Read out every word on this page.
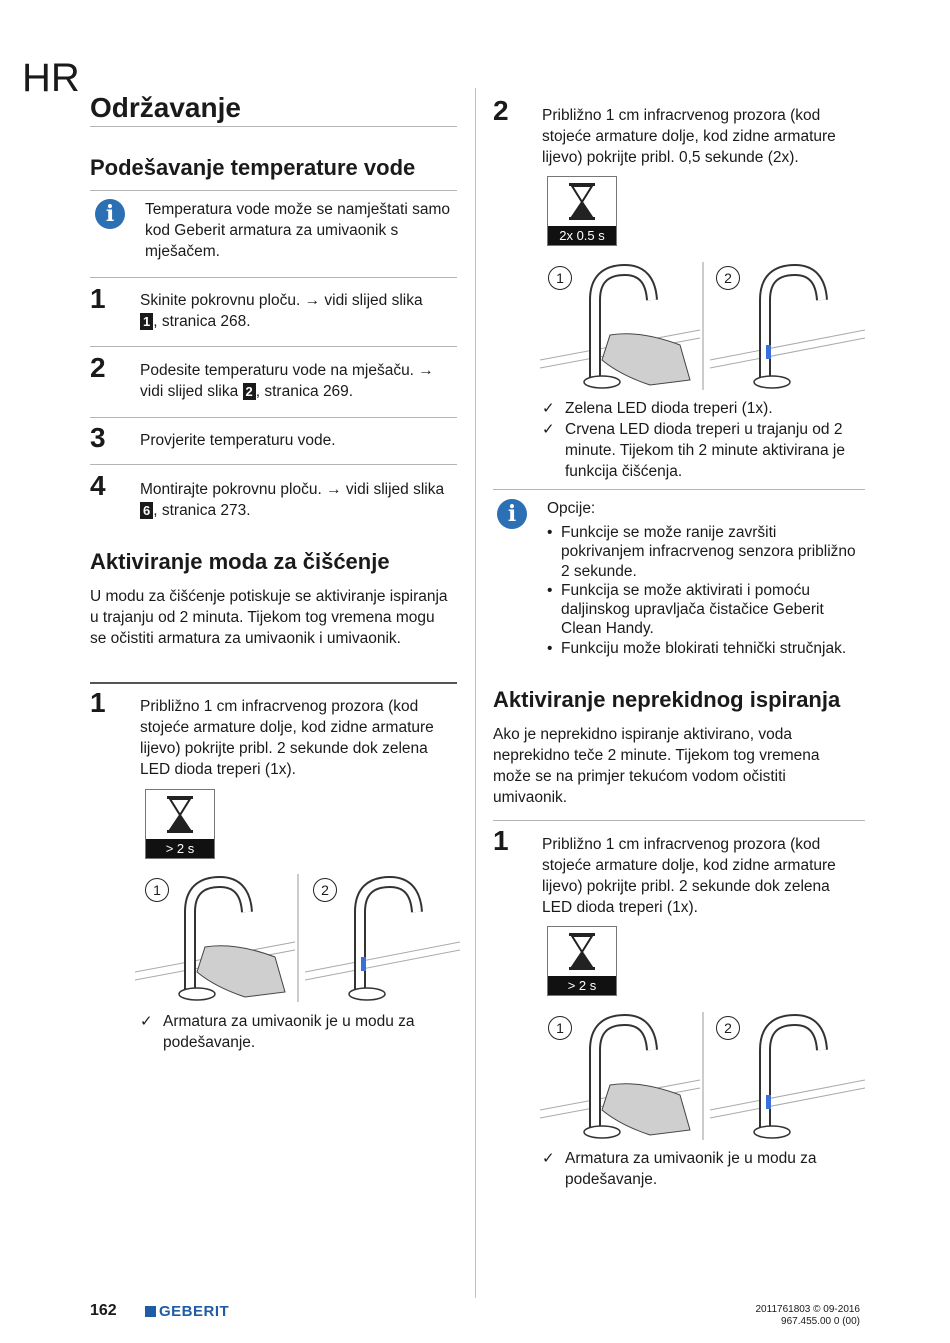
HR
Održavanje
Podešavanje temperature vode
i	Temperatura vode može se namještati samo kod Geberit armatura za umivaonik s mješačem.
1 Skinite pokrovnu ploču. → vidi slijed slika
1 , stranica 268.
2 Podesite temperaturu vode na mješaču. → vidi slijed slika 2 , stranica 269.
3 Provjerite temperaturu vode.
4 Montirajte pokrovnu ploču. → vidi slijed slika
6 , stranica 273.
Aktiviranje moda za čišćenje
U modu za čišćenje potiskuje se aktiviranje ispiranja u trajanju od 2 minuta. Tijekom tog vremena mogu se očistiti armatura za umivaonik i umivaonik.
1 Približno 1 cm infracrvenog prozora (kod stojeće armature dolje, kod zidne armature lijevo) pokrijte pribl. 2 sekunde dok zelena LED dioda treperi (1x).
> 2 s
1	2
✓ Armatura za umivaonik je u modu za podešavanje.
2 Približno 1 cm infracrvenog prozora (kod stojeće armature dolje, kod zidne armature lijevo) pokrijte pribl. 0,5 sekunde (2x).
2x 0.5 s
1	2
✓ Zelena LED dioda treperi (1x).
✓ Crvena LED dioda treperi u trajanju od 2 minute. Tijekom tih 2 minute aktivirana je funkcija čišćenja.
i	Opcije:
• Funkcije se može ranije završiti pokrivanjem infracrvenog senzora približno 2 sekunde.
• Funkcija se može aktivirati i pomoću daljinskog upravljača čistačice Geberit Clean Handy.
• Funkciju može blokirati tehnički stručnjak.
Aktiviranje neprekidnog ispiranja
Ako je neprekidno ispiranje aktivirano, voda neprekidno teče 2 minute. Tijekom tog vremena može se na primjer tekućom vodom očistiti umivaonik.
1 Približno 1 cm infracrvenog prozora (kod stojeće armature dolje, kod zidne armature lijevo) pokrijte pribl. 2 sekunde dok zelena LED dioda treperi (1x).
> 2 s
1	2
✓ Armatura za umivaonik je u modu za podešavanje.
162	GEBERIT	2011761803 © 09-2016
967.455.00 0 (00)
